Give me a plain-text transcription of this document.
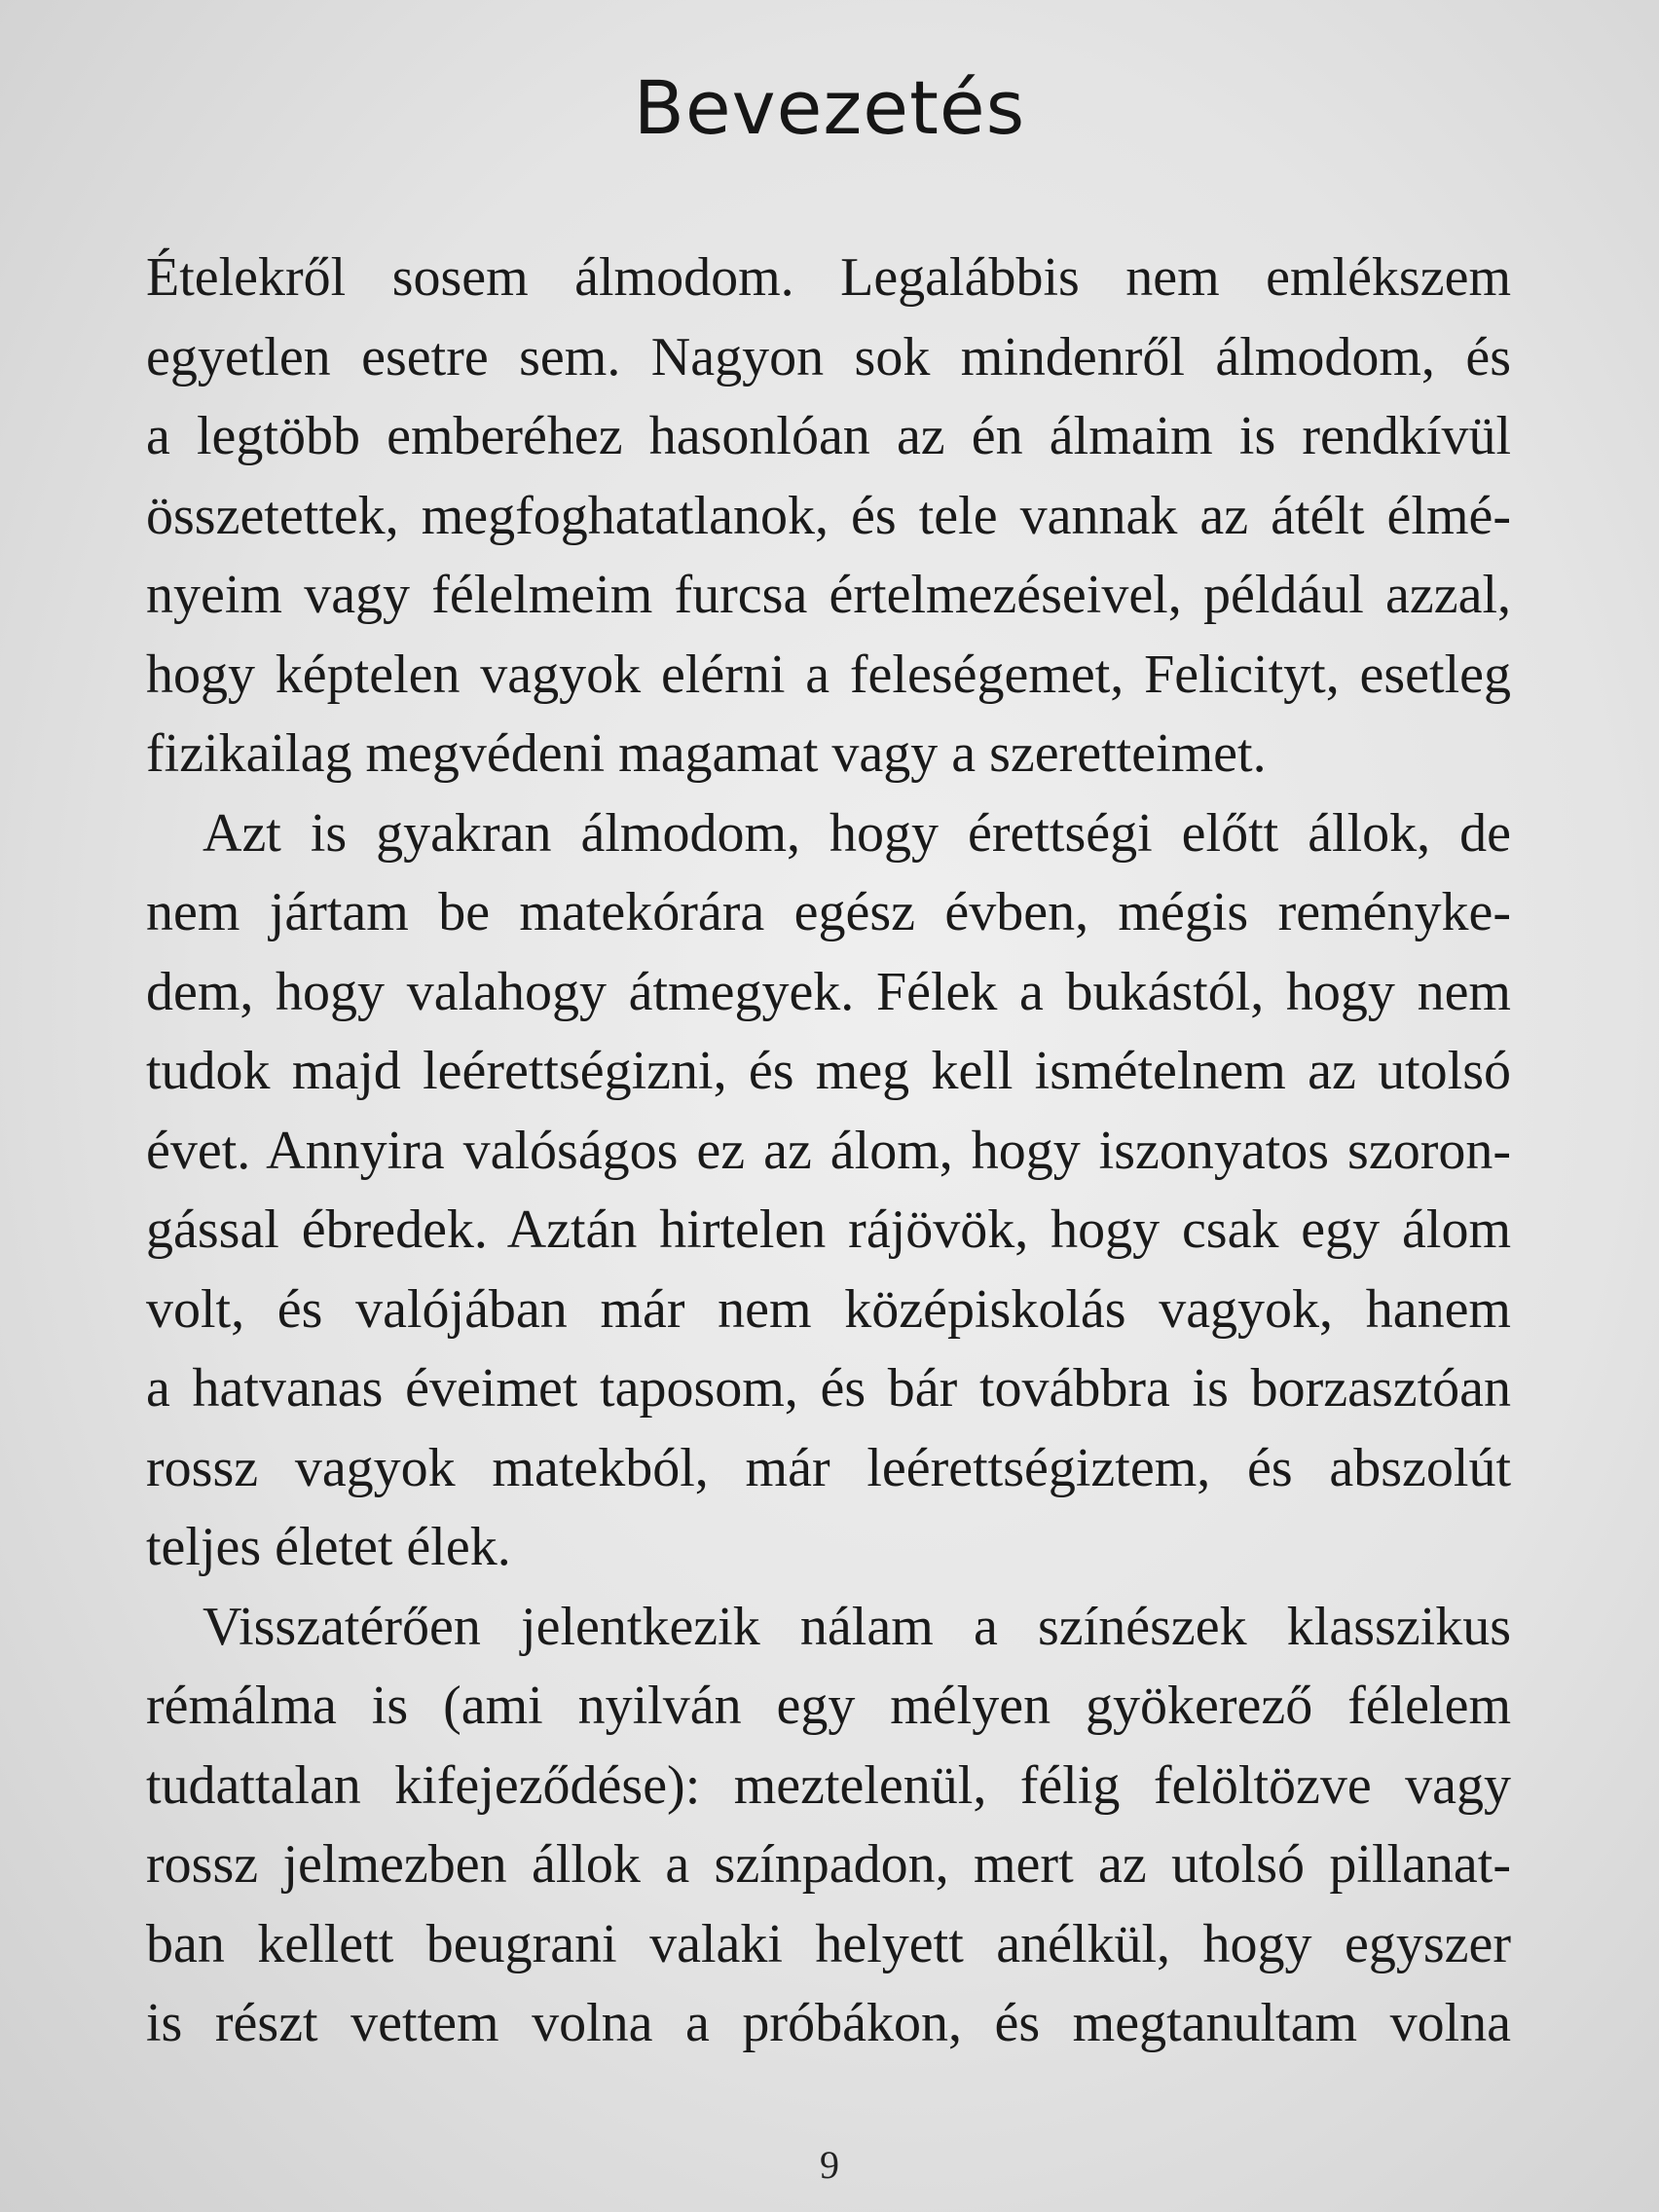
Bevezetés
Ételekről sosem álmodom. Legalábbis nem emlékszem
egyetlen esetre sem. Nagyon sok mindenről álmodom, és
a legtöbb emberéhez hasonlóan az én álmaim is rendkívül
összetettek, megfoghatatlanok, és tele vannak az átélt élmé-
nyeim vagy félelmeim furcsa értelmezéseivel, például azzal,
hogy képtelen vagyok elérni a feleségemet, Felicityt, esetleg
fizikailag megvédeni magamat vagy a szeretteimet.
Azt is gyakran álmodom, hogy érettségi előtt állok, de
nem jártam be matekórára egész évben, mégis reményke-
dem, hogy valahogy átmegyek. Félek a bukástól, hogy nem
tudok majd leérettségizni, és meg kell ismételnem az utolsó
évet. Annyira valóságos ez az álom, hogy iszonyatos szoron-
gással ébredek. Aztán hirtelen rájövök, hogy csak egy álom
volt, és valójában már nem középiskolás vagyok, hanem
a hatvanas éveimet taposom, és bár továbbra is borzasztóan
rossz vagyok matekból, már leérettségiztem, és abszolút
teljes életet élek.
Visszatérően jelentkezik nálam a színészek klasszikus
rémálma is (ami nyilván egy mélyen gyökerező félelem
tudattalan kifejeződése): meztelenül, félig felöltözve vagy
rossz jelmezben állok a színpadon, mert az utolsó pillanat-
ban kellett beugrani valaki helyett anélkül, hogy egyszer
is részt vettem volna a próbákon, és megtanultam volna

9
